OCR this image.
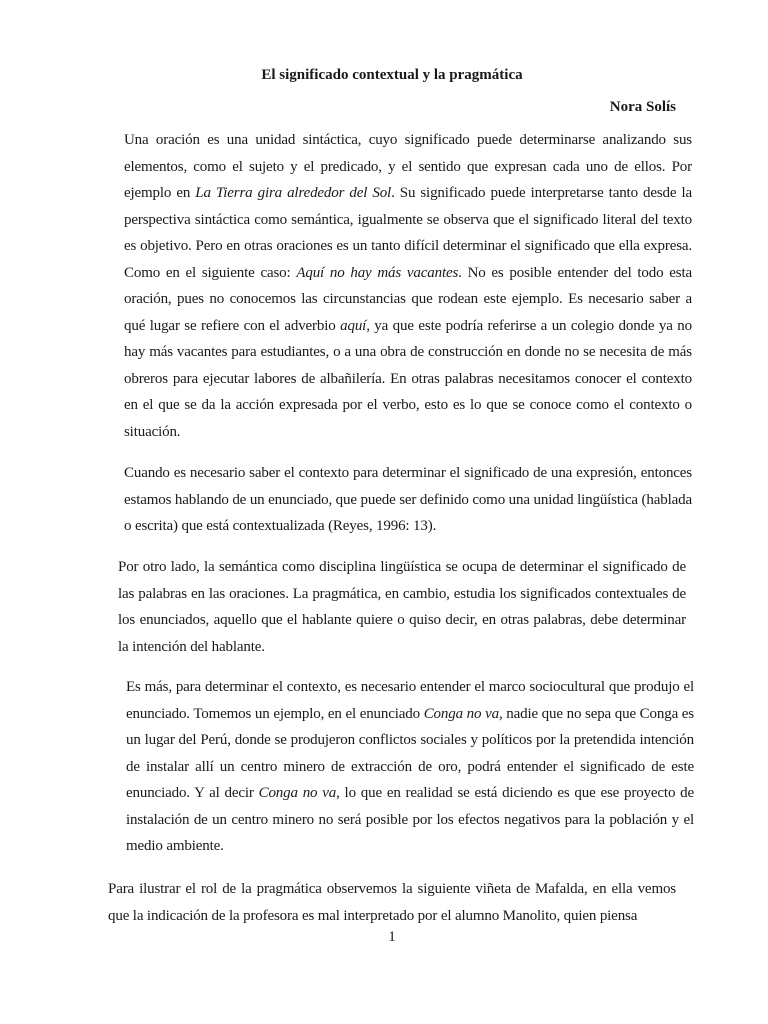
El significado contextual y la pragmática

Nora Solís

Una oración es una unidad sintáctica, cuyo significado puede determinarse analizando sus elementos, como el sujeto y el predicado, y el sentido que expresan cada uno de ellos. Por ejemplo en La Tierra gira alrededor del Sol. Su significado puede interpretarse tanto desde la perspectiva sintáctica como semántica, igualmente se observa que el significado literal del texto es objetivo. Pero en otras oraciones es un tanto difícil determinar el significado que ella expresa. Como en el siguiente caso: Aquí no hay más vacantes. No es posible entender del todo esta oración, pues no conocemos las circunstancias que rodean este ejemplo. Es necesario saber a qué lugar se refiere con el adverbio aquí, ya que este podría referirse a un colegio donde ya no hay más vacantes para estudiantes, o a una obra de construcción en donde no se necesita de más obreros para ejecutar labores de albañilería. En otras palabras necesitamos conocer el contexto en el que se da la acción expresada por el verbo, esto es lo que se conoce como el contexto o situación.

Cuando es necesario saber el contexto para determinar el significado de una expresión, entonces estamos hablando de un enunciado, que puede ser definido como una unidad lingüística (hablada o escrita) que está contextualizada (Reyes, 1996: 13).

Por otro lado, la semántica como disciplina lingüística se ocupa de determinar el significado de las palabras en las oraciones. La pragmática, en cambio, estudia los significados contextuales de los enunciados, aquello que el hablante quiere o quiso decir, en otras palabras, debe determinar la intención del hablante.

Es más, para determinar el contexto, es necesario entender el marco sociocultural que produjo el enunciado. Tomemos un ejemplo, en el enunciado Conga no va, nadie que no sepa que Conga es un lugar del Perú, donde se produjeron conflictos sociales y políticos por la pretendida intención de instalar allí un centro minero de extracción de oro, podrá entender el significado de este enunciado. Y al decir Conga no va, lo que en realidad se está diciendo es que ese proyecto de instalación de un centro minero no será posible por los efectos negativos para la población y el medio ambiente.

Para ilustrar el rol de la pragmática observemos la siguiente viñeta de Mafalda, en ella vemos que la indicación de la profesora es mal interpretado por el alumno Manolito, quien piensa

1
